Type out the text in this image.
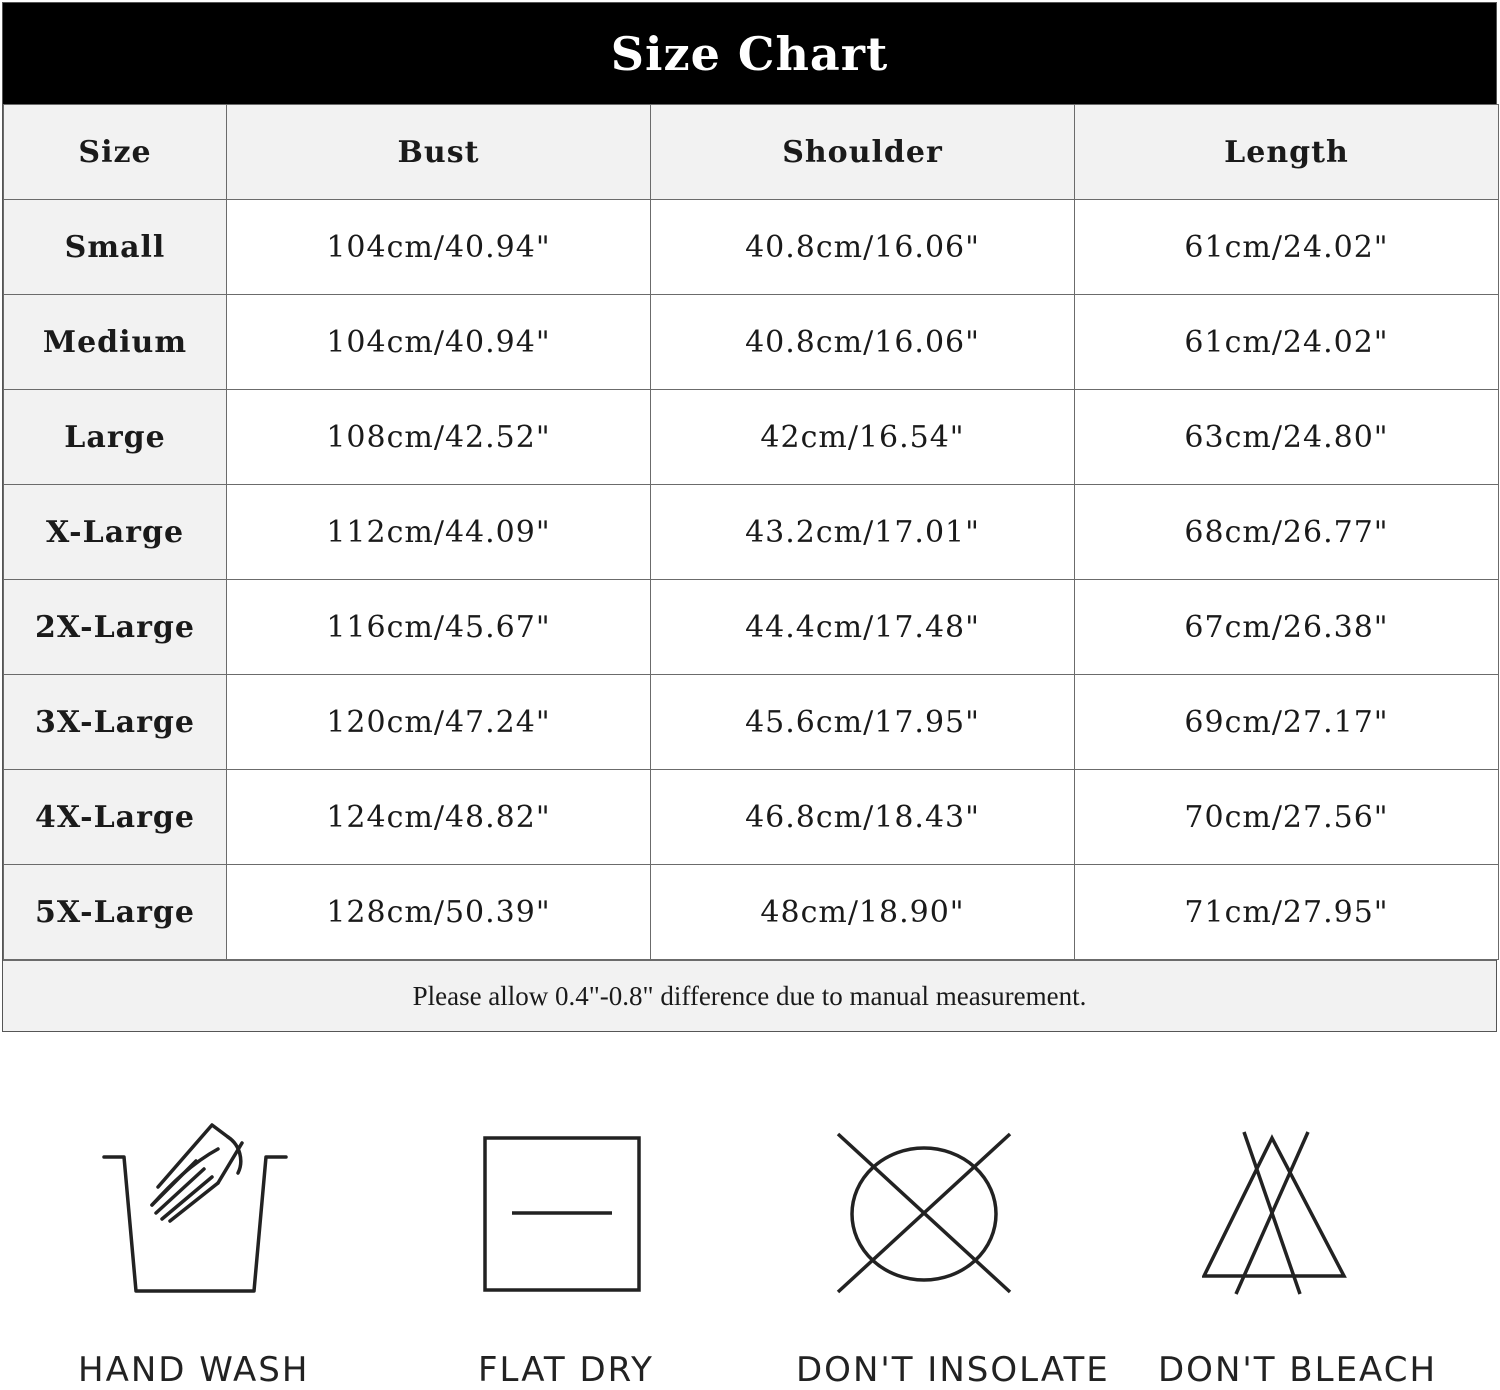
Size Chart
Size	Bust	Shoulder	Length
Small	104cm/40.94"	40.8cm/16.06"	61cm/24.02"
Medium	104cm/40.94"	40.8cm/16.06"	61cm/24.02"
Large	108cm/42.52"	42cm/16.54"	63cm/24.80"
X-Large	112cm/44.09"	43.2cm/17.01"	68cm/26.77"
2X-Large	116cm/45.67"	44.4cm/17.48"	67cm/26.38"
3X-Large	120cm/47.24"	45.6cm/17.95"	69cm/27.17"
4X-Large	124cm/48.82"	46.8cm/18.43"	70cm/27.56"
5X-Large	128cm/50.39"	48cm/18.90"	71cm/27.95"
Please allow 0.4"-0.8" difference due to manual measurement.
HAND WASH	FLAT DRY	DON'T INSOLATE DON'T BLEACH
